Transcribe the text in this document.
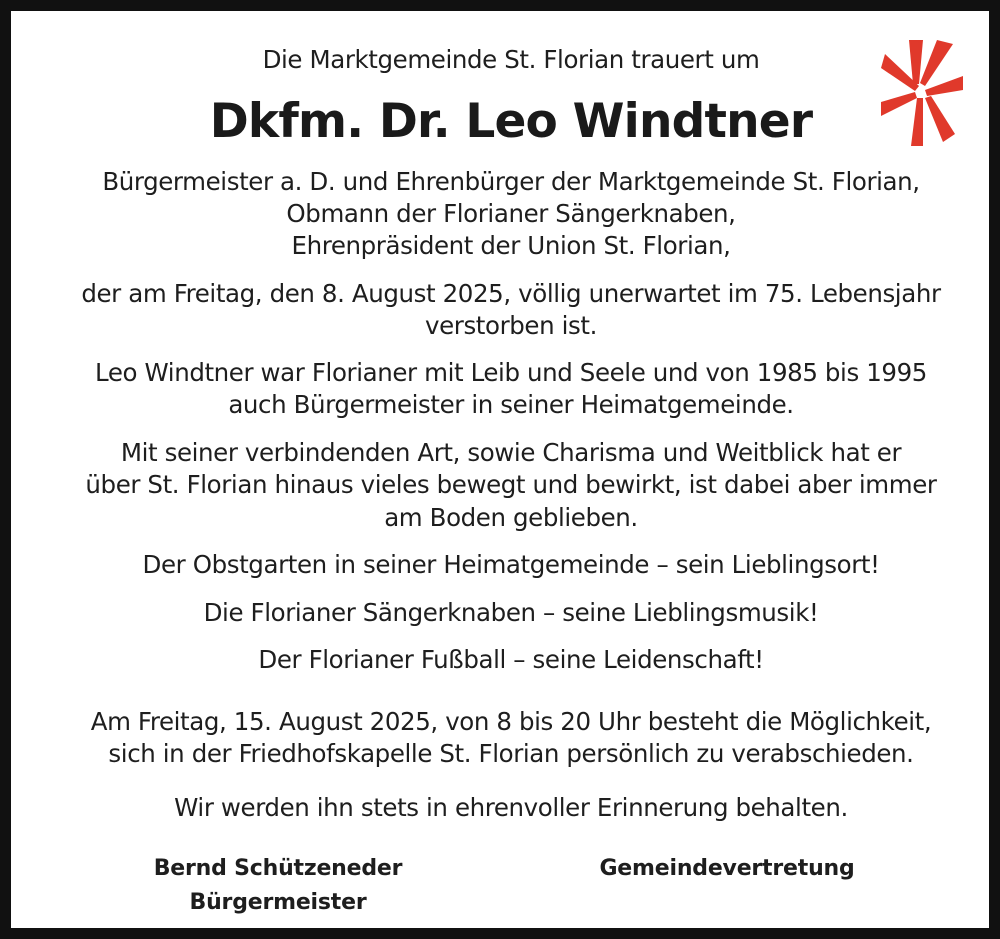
Die Marktgemeinde St. Florian trauert um
Dkfm. Dr. Leo Windtner
Bürgermeister a. D. und Ehrenbürger der Marktgemeinde St. Florian,
Obmann der Florianer Sängerknaben,
Ehrenpräsident der Union St. Florian,
der am Freitag, den 8. August 2025, völlig unerwartet im 75. Lebensjahr
verstorben ist.
Leo Windtner war Florianer mit Leib und Seele und von 1985 bis 1995
auch Bürgermeister in seiner Heimatgemeinde.
Mit seiner verbindenden Art, sowie Charisma und Weitblick hat er
über St. Florian hinaus vieles bewegt und bewirkt, ist dabei aber immer
am Boden geblieben.
Der Obstgarten in seiner Heimatgemeinde – sein Lieblingsort!
Die Florianer Sängerknaben – seine Lieblingsmusik!
Der Florianer Fußball – seine Leidenschaft!
Am Freitag, 15. August 2025, von 8 bis 20 Uhr besteht die Möglichkeit,
sich in der Friedhofskapelle St. Florian persönlich zu verabschieden.
Wir werden ihn stets in ehrenvoller Erinnerung behalten.
Bernd Schützeneder
Bürgermeister
Gemeindevertretung
